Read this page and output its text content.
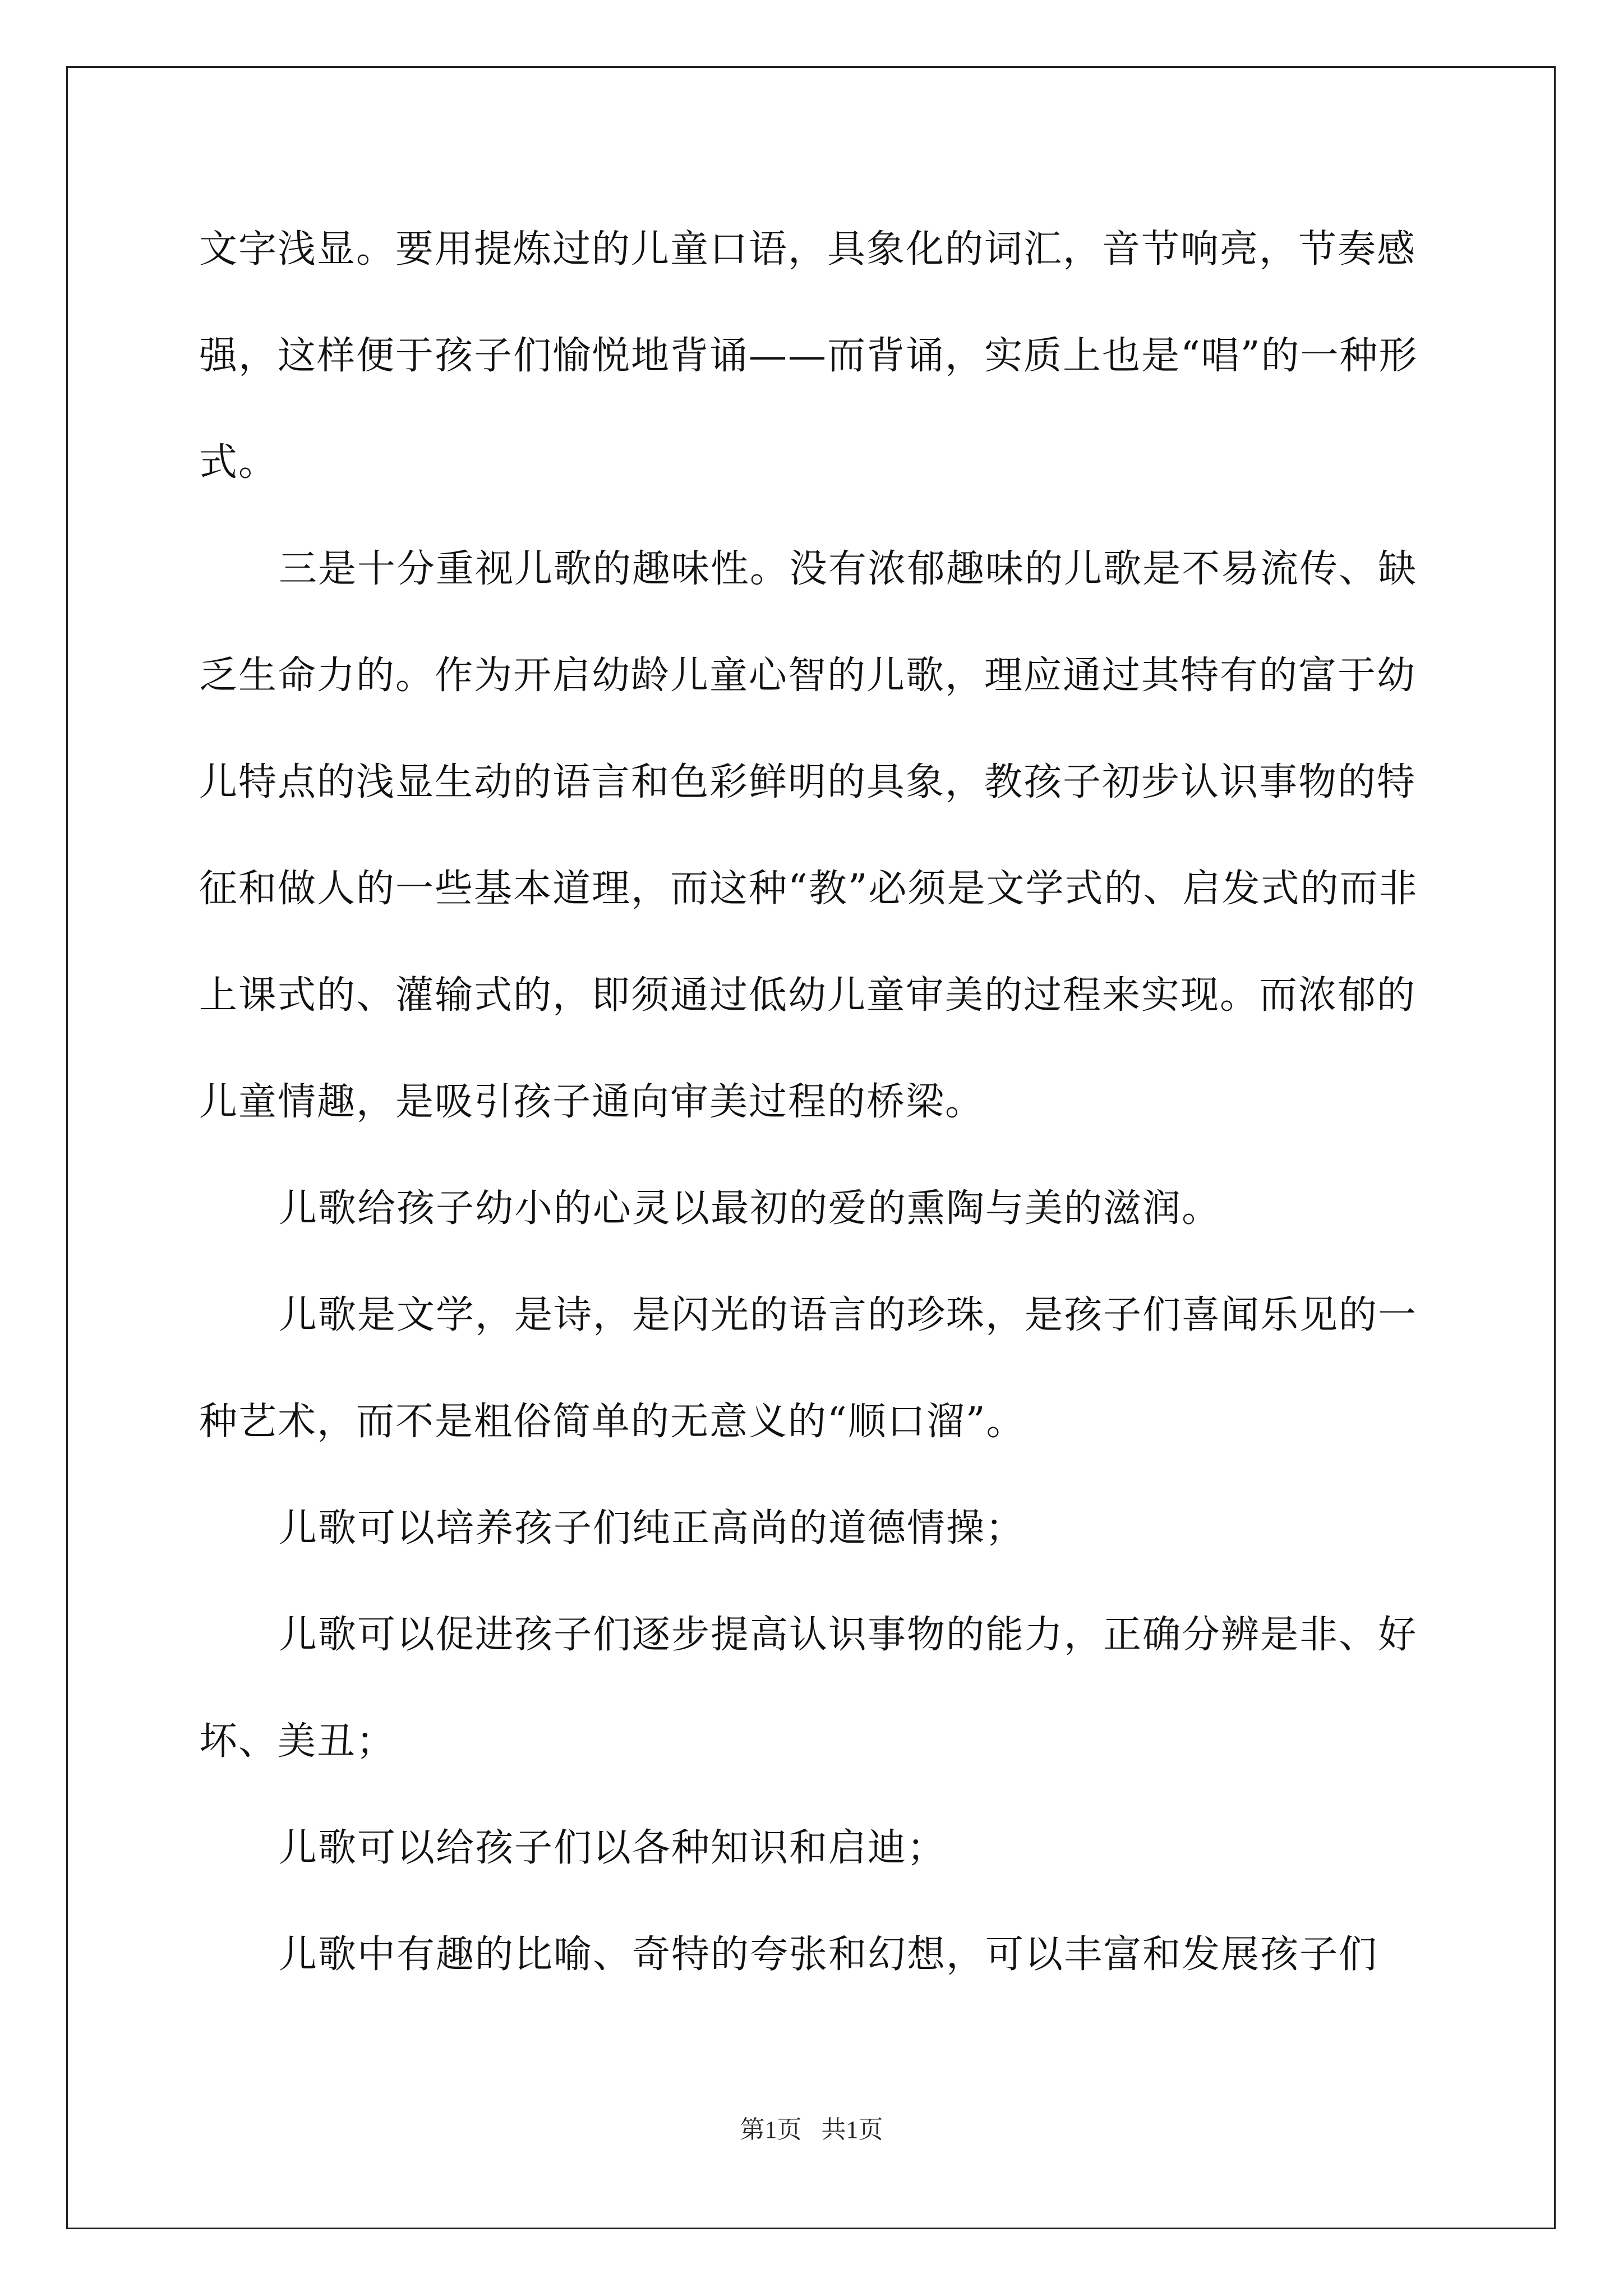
文字浅显。要用提炼过的儿童口语，具象化的词汇，音节响亮，节奏感强，这样便于孩子们愉悦地背诵——而背诵，实质上也是“唱”的一种形式。

三是十分重视儿歌的趣味性。没有浓郁趣味的儿歌是不易流传、缺乏生命力的。作为开启幼龄儿童心智的儿歌，理应通过其特有的富于幼儿特点的浅显生动的语言和色彩鲜明的具象，教孩子初步认识事物的特征和做人的一些基本道理，而这种“教”必须是文学式的、启发式的而非上课式的、灌输式的，即须通过低幼儿童审美的过程来实现。而浓郁的儿童情趣，是吸引孩子通向审美过程的桥梁。

儿歌给孩子幼小的心灵以最初的爱的熏陶与美的滋润。

儿歌是文学，是诗，是闪光的语言的珍珠，是孩子们喜闻乐见的一种艺术，而不是粗俗简单的无意义的“顺口溜”。

儿歌可以培养孩子们纯正高尚的道德情操；

儿歌可以促进孩子们逐步提高认识事物的能力，正确分辨是非、好坏、美丑；

儿歌可以给孩子们以各种知识和启迪；

儿歌中有趣的比喻、奇特的夸张和幻想，可以丰富和发展孩子们

第1页 共1页
